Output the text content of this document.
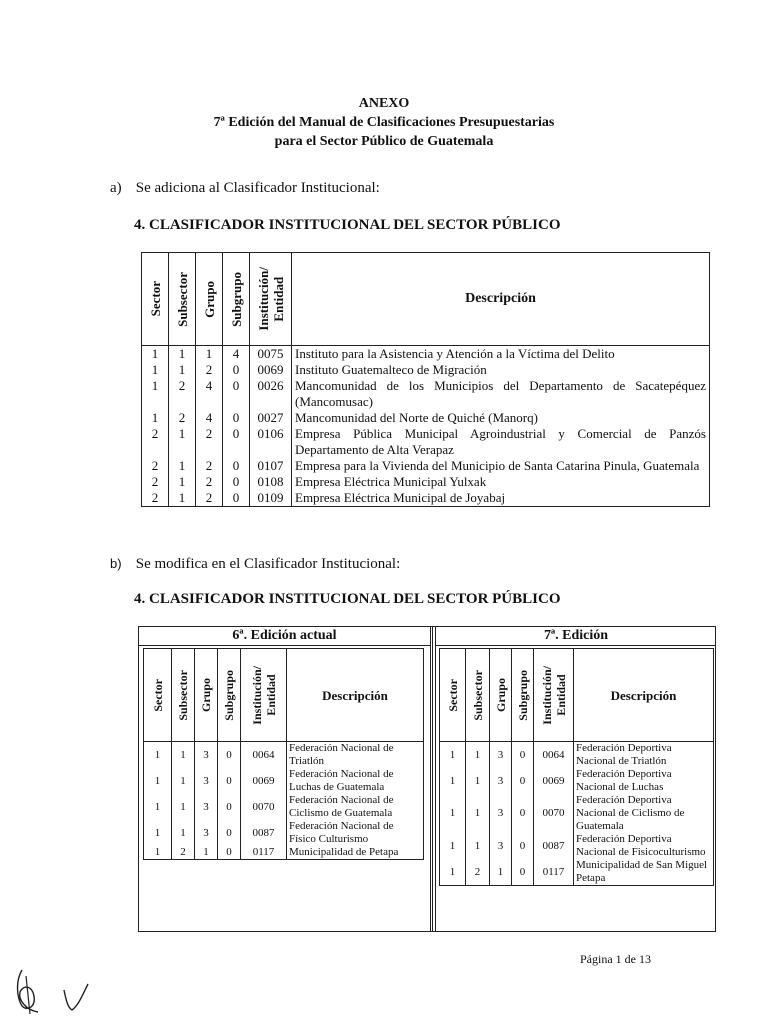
ANEXO
7ª Edición del Manual de Clasificaciones Presupuestarias
para el Sector Público de Guatemala
a) Se adiciona al Clasificador Institucional:
4. CLASIFICADOR INSTITUCIONAL DEL SECTOR PÚBLICO
Sector	Subsector	Grupo	Subgrupo	Institución/
Entidad	Descripción

1	1	1	4	0075	Instituto para la Asistencia y Atención a la Víctima del Delito
1	1	2	0	0069	Instituto Guatemalteco de Migración
1	2	4	0	0026	Mancomunidad de los Municipios del Departamento de Sacatepéquez (Mancomusac)
1	2	4	0	0027	Mancomunidad del Norte de Quiché (Manorq)
2	1	2	0	0106	Empresa Pública Municipal Agroindustrial y Comercial de Panzós Departamento de Alta Verapaz
2	1	2	0	0107	Empresa para la Vivienda del Municipio de Santa Catarina Pinula, Guatemala
2	1	2	0	0108	Empresa Eléctrica Municipal Yulxak
2	1	2	0	0109	Empresa Eléctrica Municipal de Joyabaj
b) Se modifica en el Clasificador Institucional:
4. CLASIFICADOR INSTITUCIONAL DEL SECTOR PÚBLICO
6ª. Edición actual
Sector	Subsector	Grupo	Subgrupo	Institución/
Entidad	Descripción

1	1	3	0	0064	Federación Nacional de Triatlón
1	1	3	0	0069	Federación Nacional de Luchas de Guatemala
1	1	3	0	0070	Federación Nacional de Ciclismo de Guatemala
1	1	3	0	0087	Federación Nacional de Físico Culturismo
1	2	1	0	0117	Municipalidad de Petapa
7ª. Edición
Sector	Subsector	Grupo	Subgrupo	Institución/
Entidad	Descripción

1	1	3	0	0064	Federación Deportiva Nacional de Triatlón
1	1	3	0	0069	Federación Deportiva Nacional de Luchas
1	1	3	0	0070	Federación Deportiva Nacional de Ciclismo de Guatemala
1	1	3	0	0087	Federación Deportiva Nacional de Fisicoculturismo
1	2	1	0	0117	Municipalidad de San Miguel Petapa
Página 1 de 13
